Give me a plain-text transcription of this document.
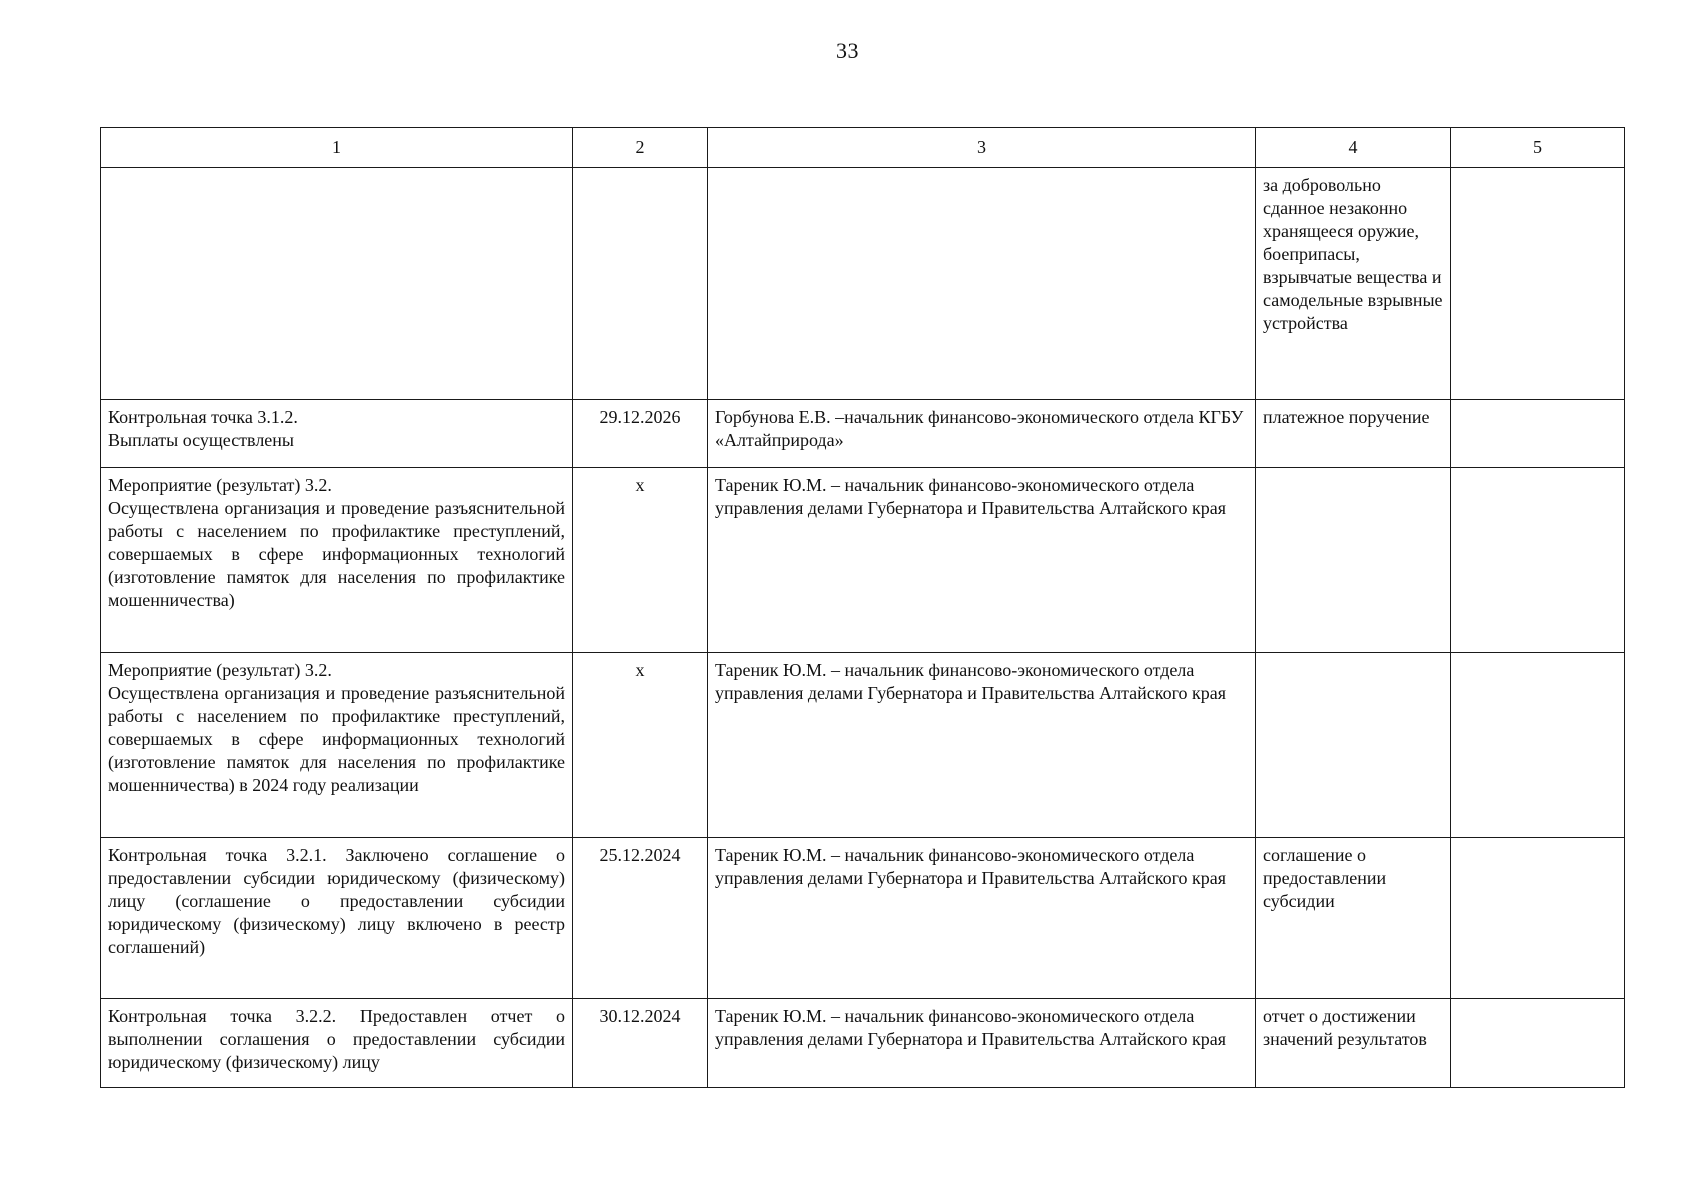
33
1	2	3	4	5
			за добровольно сданное незаконно хранящееся оружие, боеприпасы, взрывчатые вещества и самодельные взрывные устройства	

Контрольная точка 3.1.2.
Выплаты осуществлены	29.12.2026	Горбунова Е.В. –начальник финансово-экономического отдела КГБУ «Алтайприрода»	платежное поручение	

Мероприятие (результат) 3.2.
Осуществлена организация и проведение разъяснительной работы с населением по профилактике преступлений, совершаемых в сфере информационных технологий (изготовление памяток для населения по профилактике мошенничества)	х	Тареник Ю.М. – начальник финансово-экономического отдела управления делами Губернатора и Правительства Алтайского края		

Мероприятие (результат) 3.2.
Осуществлена организация и проведение разъяснительной работы с населением по профилактике преступлений, совершаемых в сфере информационных технологий (изготовление памяток для населения по профилактике мошенничества) в 2024 году реализации	х	Тареник Ю.М. – начальник финансово-экономического отдела управления делами Губернатора и Правительства Алтайского края		

Контрольная точка 3.2.1. Заключено соглашение о предоставлении субсидии юридическому (физическому) лицу (соглашение о предоставлении субсидии юридическому (физическому) лицу включено в реестр соглашений)	25.12.2024	Тареник Ю.М. – начальник финансово-экономического отдела управления делами Губернатора и Правительства Алтайского края	соглашение о предоставлении субсидии	

Контрольная точка 3.2.2. Предоставлен отчет о выполнении соглашения о предоставлении субсидии юридическому (физическому) лицу	30.12.2024	Тареник Ю.М. – начальник финансово-экономического отдела управления делами Губернатора и Правительства Алтайского края	отчет о достижении значений результатов	
